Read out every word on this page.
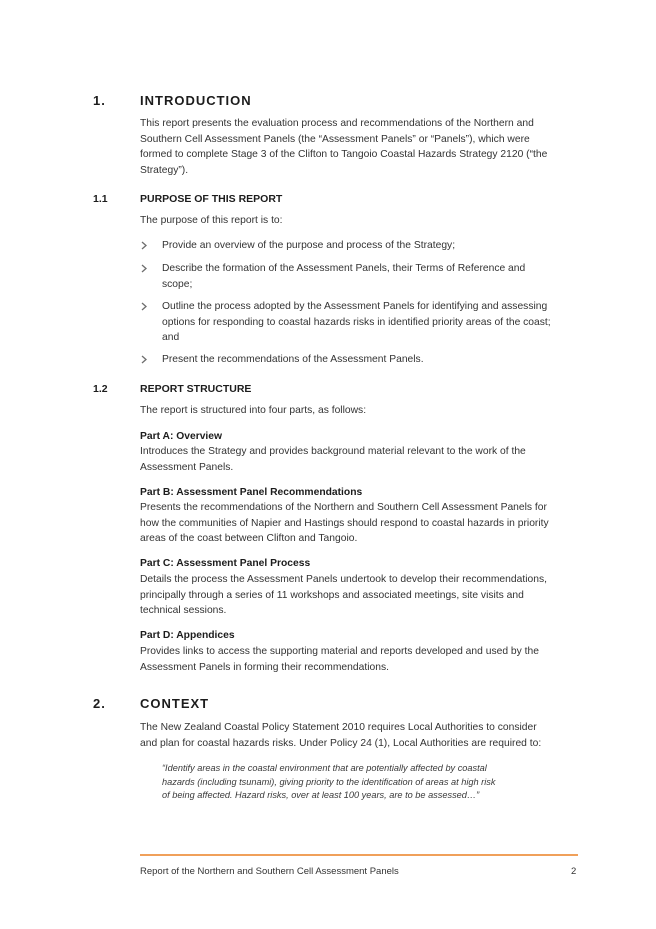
1.	INTRODUCTION
This report presents the evaluation process and recommendations of the Northern and
Southern Cell Assessment Panels (the “Assessment Panels” or “Panels”), which were
formed to complete Stage 3 of the Clifton to Tangoio Coastal Hazards Strategy 2120 (“the
Strategy”).
1.1	PURPOSE OF THIS REPORT
The purpose of this report is to:
Provide an overview of the purpose and process of the Strategy;
Describe the formation of the Assessment Panels, their Terms of Reference and
scope;
Outline the process adopted by the Assessment Panels for identifying and assessing
options for responding to coastal hazards risks in identified priority areas of the coast;
and
Present the recommendations of the Assessment Panels.
1.2	REPORT STRUCTURE
The report is structured into four parts, as follows:
Part A: Overview
Introduces the Strategy and provides background material relevant to the work of the
Assessment Panels.
Part B: Assessment Panel Recommendations
Presents the recommendations of the Northern and Southern Cell Assessment Panels for
how the communities of Napier and Hastings should respond to coastal hazards in priority
areas of the coast between Clifton and Tangoio.
Part C: Assessment Panel Process
Details the process the Assessment Panels undertook to develop their recommendations,
principally through a series of 11 workshops and associated meetings, site visits and
technical sessions.
Part D: Appendices
Provides links to access the supporting material and reports developed and used by the
Assessment Panels in forming their recommendations.
2.	CONTEXT
The New Zealand Coastal Policy Statement 2010 requires Local Authorities to consider
and plan for coastal hazards risks. Under Policy 24 (1), Local Authorities are required to:
“Identify areas in the coastal environment that are potentially affected by coastal
hazards (including tsunami), giving priority to the identification of areas at high risk
of being affected. Hazard risks, over at least 100 years, are to be assessed…”
Report of the Northern and Southern Cell Assessment Panels	2
